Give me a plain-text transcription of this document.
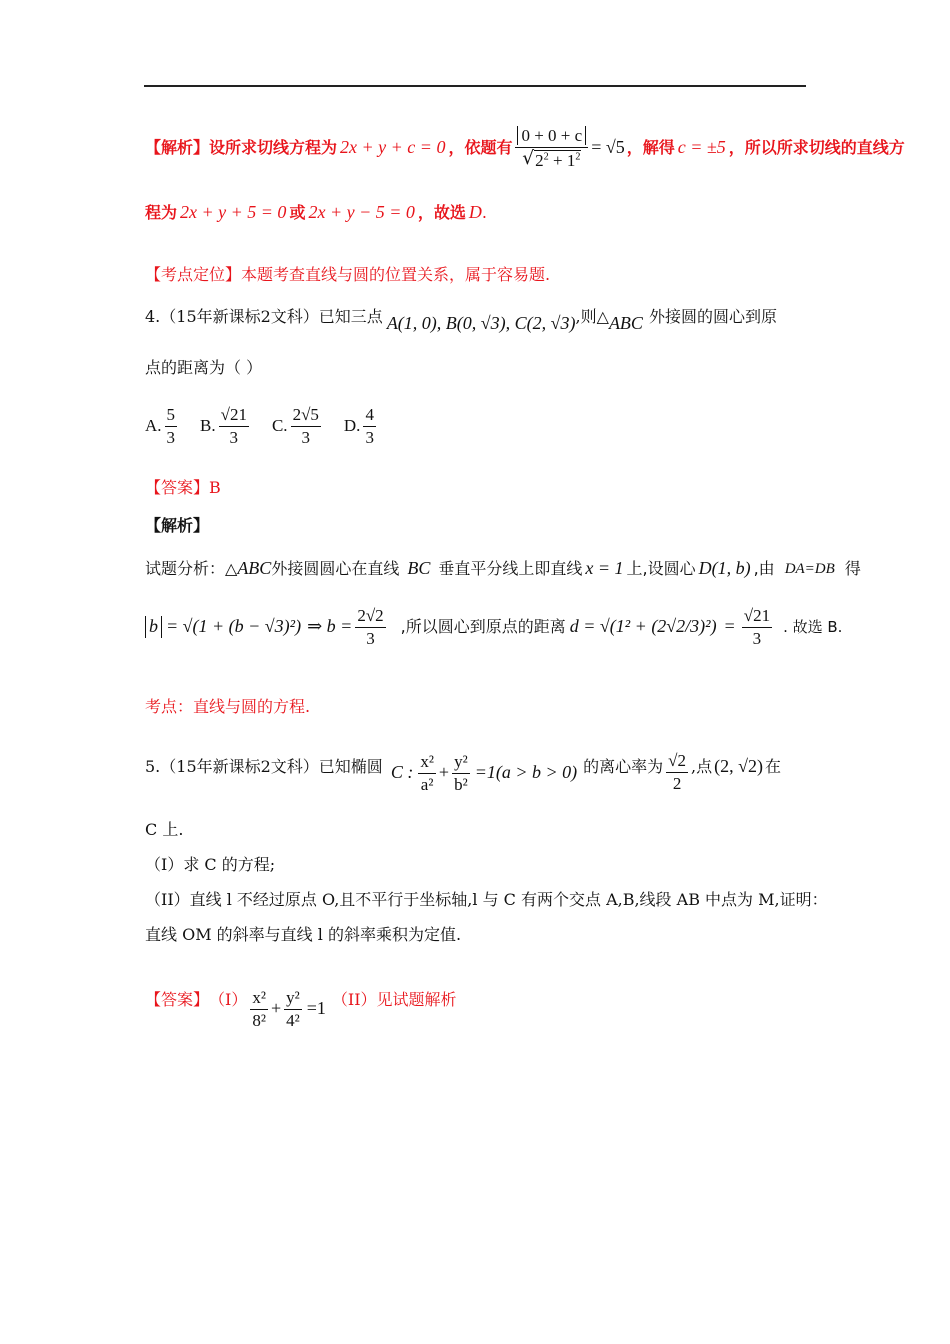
【解析】 设所求切线方程为 2x + y + c = 0 ，依题有 $\frac{0 + 0 + c}{√ 2^2 + 1^2} = √5$ ，解得 c = ±5 ，所以所求切线的直线方
程为 2x + y + 5 = 0 或 2x + y − 5 = 0 ，故选 D .
【考点定位】本题考查直线与圆的位置关系，属于容易题.
4.（15年新课标2文科）已知三点 A(1, 0), B(0, √3), C(2, √3) ,则△ ABC 外接圆的圆心到原
点的距离为（ ）
A. $\frac{5}{3} B$. $\frac{√21}{3} C$. $\frac{2√5}{3} D$. $\frac{4}{3}$
【答案】B
【解析】
试题分析：△ ABC 外接圆圆心在直线 BC 垂直平分线上即直线 x = 1 上,设圆心 D(1, b) ,由 DA=DB 得
b = √(1 + (b − √3)²) ⇒ $b = \frac{2√2}{3}$ ,所以圆心到原点的距离 $d = √(1^2 + (2√2/3)^2) = \frac{√21}{3}$ . 故选 B.
考点：直线与圆的方程.
5.（15年新课标2文科）已知椭圆 C : $\frac{\text{x²}}{\text{a²}} + \frac{\text{y²}}{\text{b²}} =1(a > b > 0)$ 的离心率为 $\frac{√2}{2}$ ,点 (2, √2) 在
C 上.
（I）求 C 的方程;
（II）直线 l 不经过原点 O,且不平行于坐标轴,l 与 C 有两个交点 A,B,线段 AB 中点为 M,证明：
直线 OM 的斜率与直线 l 的斜率乘积为定值.
【答案】 $(I) \frac{\text{x²}}{\text{8²}} + \frac{\text{y²}}{\text{4²}} =1$ （II）见试题解析
